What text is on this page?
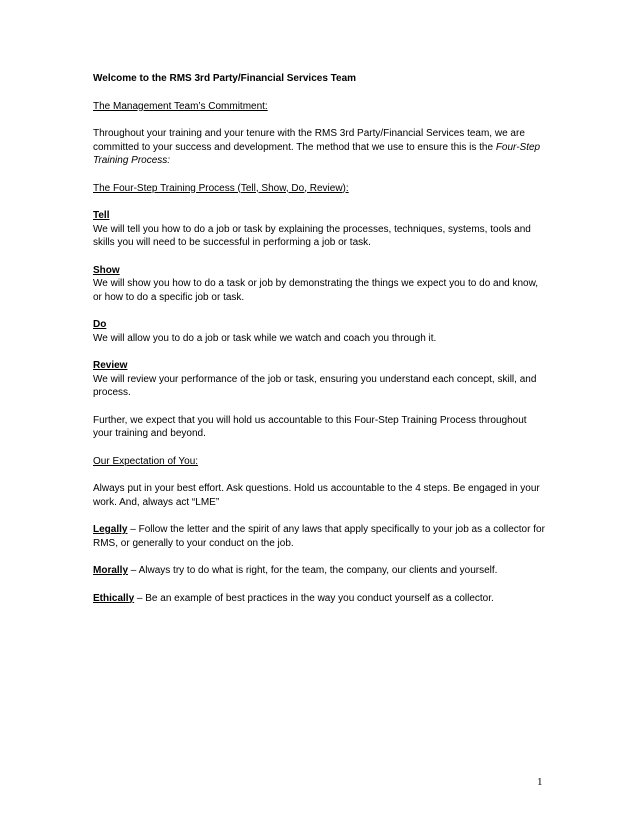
Welcome to the RMS 3rd Party/Financial Services Team

The Management Team’s Commitment:

Throughout your training and your tenure with the RMS 3rd Party/Financial Services team, we are committed to your success and development. The method that we use to ensure this is the Four-Step Training Process:

The Four-Step Training Process (Tell, Show, Do, Review):

Tell
We will tell you how to do a job or task by explaining the processes, techniques, systems, tools and skills you will need to be successful in performing a job or task.
Show
We will show you how to do a task or job by demonstrating the things we expect you to do and know, or how to do a specific job or task.
Do
We will allow you to do a job or task while we watch and coach you through it.
Review
We will review your performance of the job or task, ensuring you understand each concept, skill, and process.

Further, we expect that you will hold us accountable to this Four-Step Training Process throughout your training and beyond.

Our Expectation of You:

Always put in your best effort. Ask questions. Hold us accountable to the 4 steps. Be engaged in your work. And, always act “LME”

Legally – Follow the letter and the spirit of any laws that apply specifically to your job as a collector for RMS, or generally to your conduct on the job.

Morally – Always try to do what is right, for the team, the company, our clients and yourself.

Ethically – Be an example of best practices in the way you conduct yourself as a collector.

1
